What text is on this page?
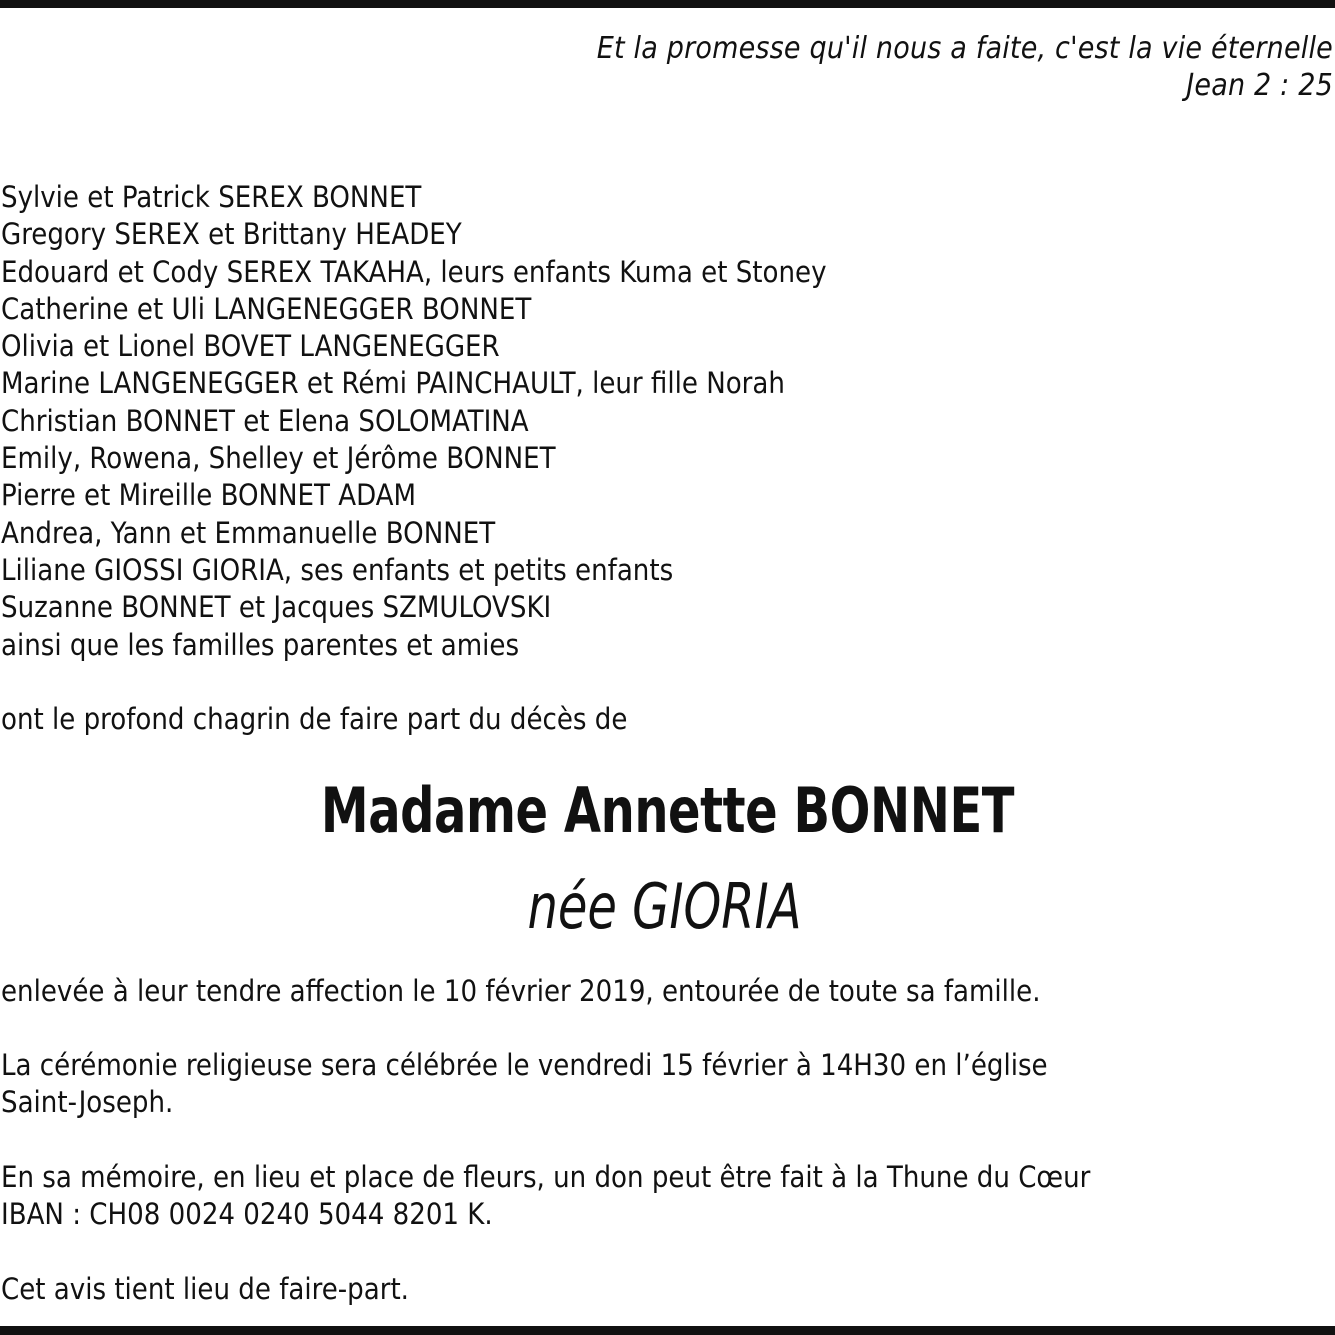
Et la promesse qu'il nous a faite, c'est la vie éternelle
Jean 2 : 25
Sylvie et Patrick SEREX BONNET
Gregory SEREX et Brittany HEADEY
Edouard et Cody SEREX TAKAHA, leurs enfants Kuma et Stoney
Catherine et Uli LANGENEGGER BONNET
Olivia et Lionel BOVET LANGENEGGER
Marine LANGENEGGER et Rémi PAINCHAULT, leur fille Norah
Christian BONNET et Elena SOLOMATINA
Emily, Rowena, Shelley et Jérôme BONNET
Pierre et Mireille BONNET ADAM
Andrea, Yann et Emmanuelle BONNET
Liliane GIOSSI GIORIA, ses enfants et petits enfants
Suzanne BONNET et Jacques SZMULOVSKI
ainsi que les familles parentes et amies
ont le profond chagrin de faire part du décès de
Madame Annette BONNET
née GIORIA
enlevée à leur tendre affection le 10 février 2019, entourée de toute sa famille.
La cérémonie religieuse sera célébrée le vendredi 15 février à 14H30 en l’église
Saint-Joseph.
En sa mémoire, en lieu et place de fleurs, un don peut être fait à la Thune du Cœur
IBAN : CH08 0024 0240 5044 8201 K.
Cet avis tient lieu de faire-part.
